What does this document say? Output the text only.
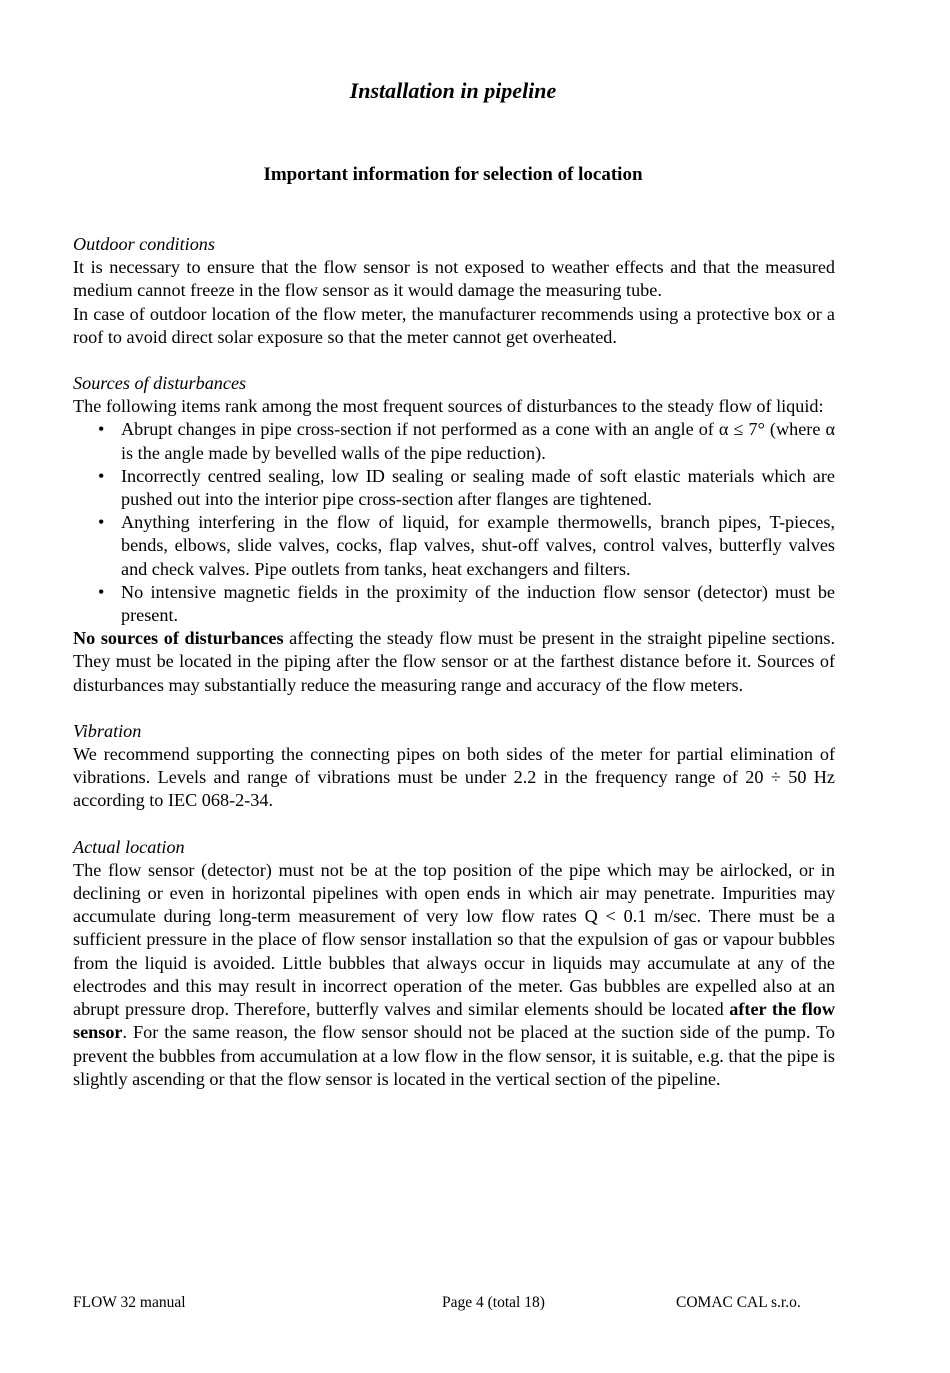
Installation in pipeline
Important information for selection of location

Outdoor conditions

It is necessary to ensure that the flow sensor is not exposed to weather effects and that the measured medium cannot freeze in the flow sensor as it would damage the measuring tube.

In case of outdoor location of the flow meter, the manufacturer recommends using a protective box or a roof to avoid direct solar exposure so that the meter cannot get overheated.

Sources of disturbances

The following items rank among the most frequent sources of disturbances to the steady flow of liquid:

• Abrupt changes in pipe cross-section if not performed as a cone with an angle of α ≤ 7° (where α is the angle made by bevelled walls of the pipe reduction).
• Incorrectly centred sealing, low ID sealing or sealing made of soft elastic materials which are pushed out into the interior pipe cross-section after flanges are tightened.
• Anything interfering in the flow of liquid, for example thermowells, branch pipes, T-pieces, bends, elbows, slide valves, cocks, flap valves, shut-off valves, control valves, butterfly valves and check valves. Pipe outlets from tanks, heat exchangers and filters.
• No intensive magnetic fields in the proximity of the induction flow sensor (detector) must be present.

No sources of disturbances affecting the steady flow must be present in the straight pipeline sections. They must be located in the piping after the flow sensor or at the farthest distance before it. Sources of disturbances may substantially reduce the measuring range and accuracy of the flow meters.

Vibration

We recommend supporting the connecting pipes on both sides of the meter for partial elimination of vibrations. Levels and range of vibrations must be under 2.2 in the frequency range of 20 ÷ 50 Hz according to IEC 068-2-34.

Actual location

The flow sensor (detector) must not be at the top position of the pipe which may be airlocked, or in declining or even in horizontal pipelines with open ends in which air may penetrate. Impurities may accumulate during long-term measurement of very low flow rates Q < 0.1 m/sec. There must be a sufficient pressure in the place of flow sensor installation so that the expulsion of gas or vapour bubbles from the liquid is avoided. Little bubbles that always occur in liquids may accumulate at any of the electrodes and this may result in incorrect operation of the meter. Gas bubbles are expelled also at an abrupt pressure drop. Therefore, butterfly valves and similar elements should be located after the flow sensor. For the same reason, the flow sensor should not be placed at the suction side of the pump. To prevent the bubbles from accumulation at a low flow in the flow sensor, it is suitable, e.g. that the pipe is slightly ascending or that the flow sensor is located in the vertical section of the pipeline.

FLOW 32 manual	Page 4 (total 18)	COMAC CAL s.r.o.
